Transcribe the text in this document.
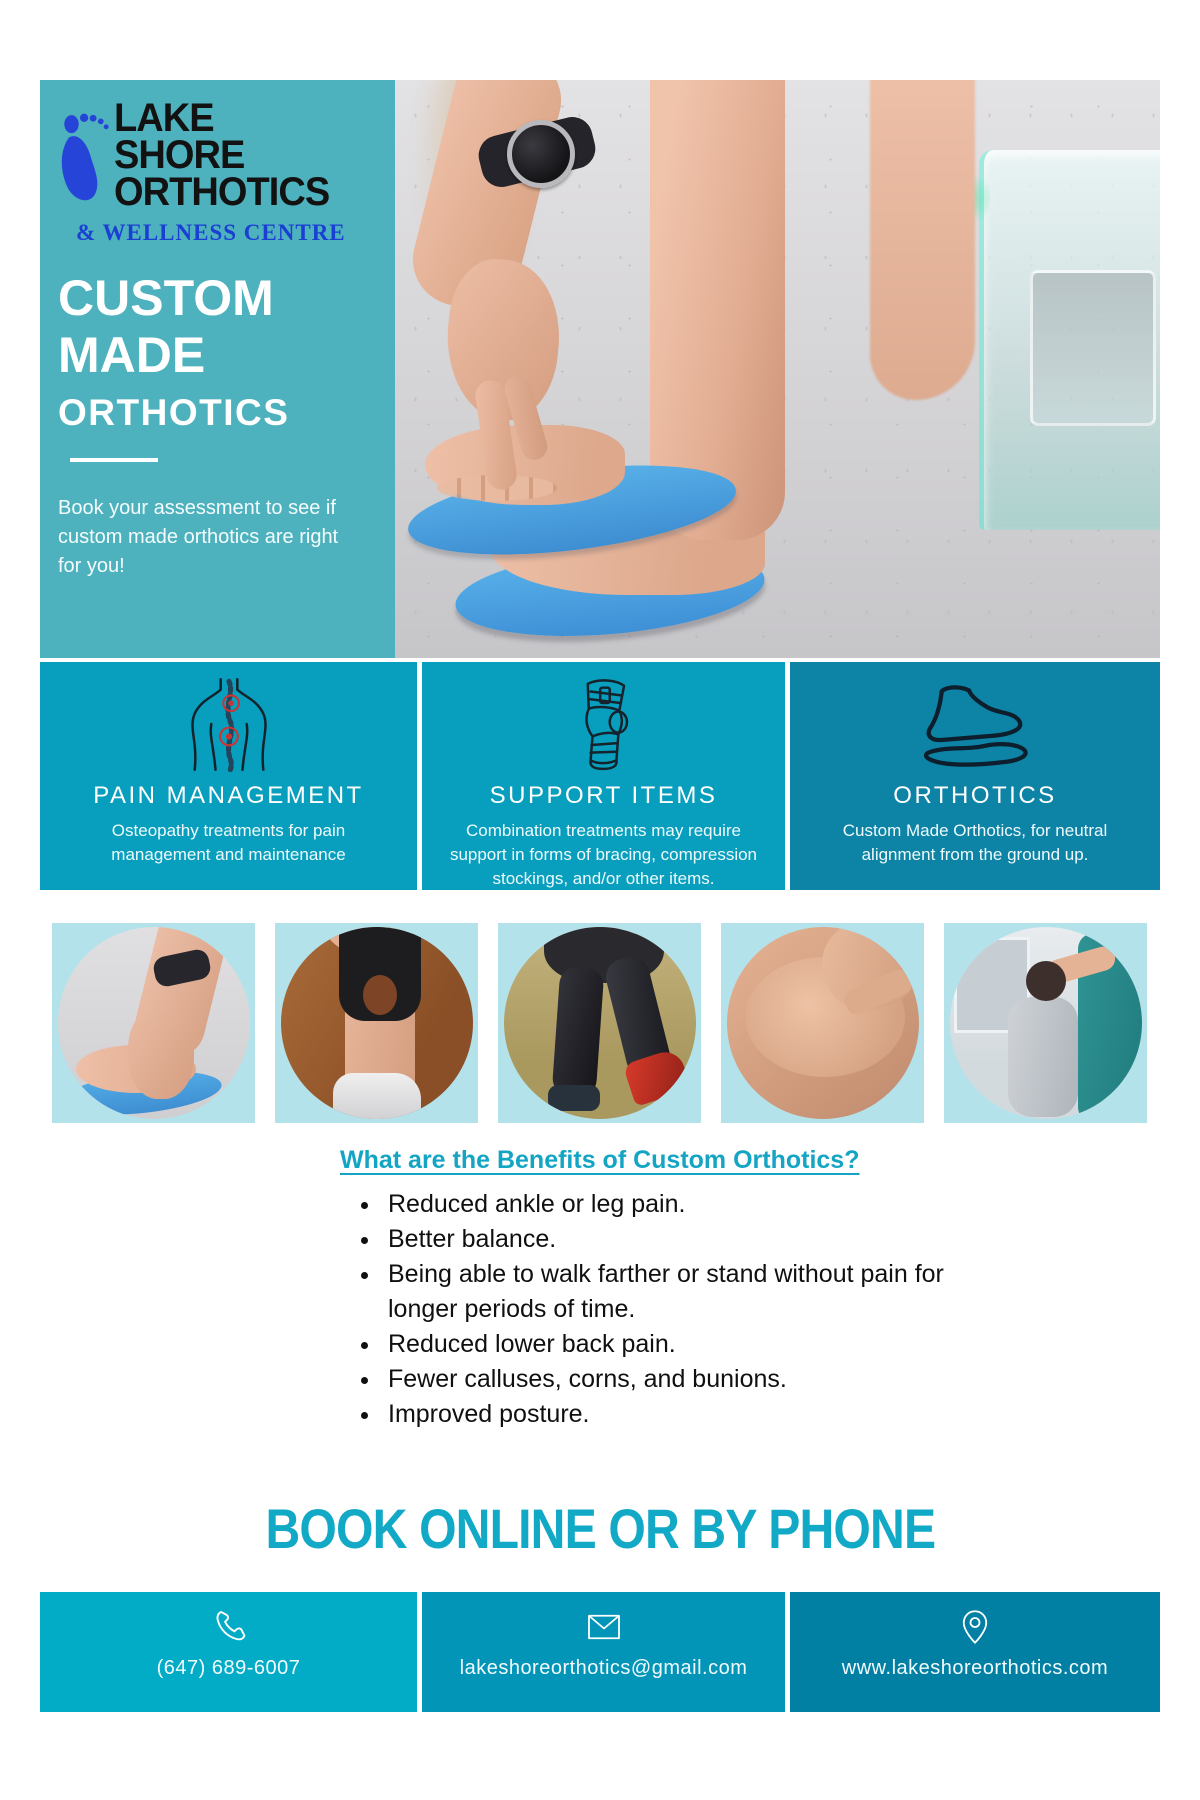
LAKE
SHORE
ORTHOTICS
& WELLNESS CENTRE
CUSTOM
MADE
ORTHOTICS
Book your assessment to see if custom made orthotics are right for you!
PAIN MANAGEMENT

Osteopathy treatments for pain management and maintenance

SUPPORT ITEMS

Combination treatments may require support in forms of bracing, compression stockings, and/or other items.

ORTHOTICS

Custom Made Orthotics, for neutral alignment from the ground up.

What are the Benefits of Custom Orthotics?
• Reduced ankle or leg pain.
• Better balance.
• Being able to walk farther or stand without pain for longer periods of time.
• Reduced lower back pain.
• Fewer calluses, corns, and bunions.
• Improved posture.
BOOK ONLINE OR BY PHONE
(647) 689-6007	lakeshoreorthotics@gmail.com	www.lakeshoreorthotics.com
